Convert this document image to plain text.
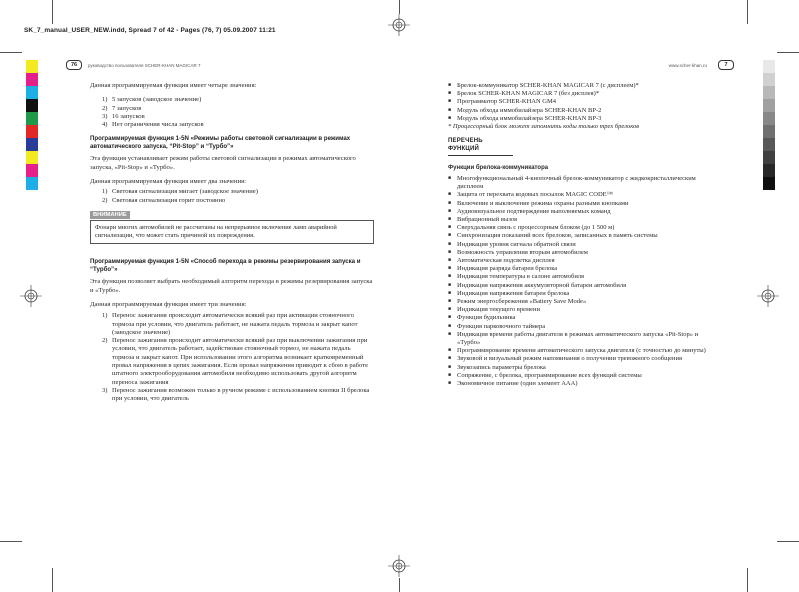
SK_7_manual_USER_NEW.indd, Spread 7 of 42 - Pages (76, 7) 05.09.2007 11:21
76	руководство пользователя SCHER-KHAN MAGICAR 7	www.scher-khan.ru	7

Данная программируемая функция имеет четыре значения:

1) 5 запусков (заводское значение)
2) 7 запусков
3) 16 запусков
4) Нет ограничения числа запусков

Программируемая функция 1-5N «Режимы работы световой сигнализации в режимах автоматического запуска, “Pit-Stop” и “Турбо”»

Эта функция устанавливает режим работы световой сигнализации в режимах автоматического запуска, «Pit-Stop» и «Турбо».

Данная программируемая функция имеет два значения:

1) Световая сигнализация мигает (заводское значение)
2) Световая сигнализация горит постоянно
ВНИМАНИЕ
Фонари многих автомобилей не рассчитаны на непрерывное включение ламп аварийной сигнализации, что может стать причиной их повреждения.

Программируемая функция 1-5N «Способ перехода в режимы резервирования запуска и “Турбо”»

Эта функция позволяет выбрать необходимый алгоритм перехода в режимы резервирования запуска и «Турбо».

Данная программируемая функция имеет три значения:

1) Перенос зажигания происходит автоматически всякий раз при активации стояночного тормоза при условии, что двигатель работает, не нажата педаль тормоза и закрыт капот (заводское значение)
2) Перенос зажигания происходит автоматически всякий раз при выключении зажигания при условии, что двигатель работает, задействован стояночный тормоз, не нажата педаль тормоза и закрыт капот. При использовании этого алгоритма возникает кратковременный провал напряжения в цепях зажигания. Если провал напряжения приводит к сбою в работе штатного электрооборудования автомобиля необходимо использовать другой алгоритм переноса зажигания
3) Перенос зажигания возможен только в ручном режиме с использованием кнопки II брелока при условии, что двигатель
■ Брелок-коммуникатор SCHER-KHAN MAGICAR 7 (с дисплеем)*
■ Брелок SCHER-KHAN MAGICAR 7 (без дисплея)*
■ Программатор SCHER-KHAN GM4
■ Модуль обхода иммобилайзера SCHER-KHAN BP-2
■ Модуль обхода иммобилайзера SCHER-KHAN BP-3

* Процессорный блок может запомнить коды только трех брелоков

ПЕРЕЧЕНЬ ФУНКЦИЙ
Функции брелока-коммуникатора
■ Многофункциональный 4-кнопочный брелок-коммуникатор с жидкокристаллическим дисплеем
■ Защита от перехвата кодовых посылок MAGIC CODE™
■ Включение и выключение режима охраны разными кнопками
■ Аудиовизуальное подтверждение выполняемых команд
■ Вибрационный вызов
■ Сверхдальняя связь с процессорным блоком (до 1 500 м)
■ Синхронизация показаний всех брелоков, записанных в память системы
■ Индикация уровня сигнала обратной связи
■ Возможность управления вторым автомобилем
■ Автоматическая подсветка дисплея
■ Индикация разряда батареи брелока
■ Индикация температуры в салоне автомобиля
■ Индикация напряжения аккумуляторной батареи автомобиля
■ Индикация напряжения батареи брелока
■ Режим энергосбережения «Battery Save Mode»
■ Индикация текущего времени
■ Функция будильника
■ Функция парковочного таймера
■ Индикация времени работы двигателя в режимах автоматического запуска «Pit-Stop» и «Турбо»
■ Программирование времени автоматического запуска двигателя (с точностью до минуты)
■ Звуковой и визуальный режим напоминания о получении тревожного сообщения
■ Звукозапись параметры брелока
■ Сопряжение, с брелока, программирование всех функций системы
■ Экономичное питание (один элемент AAA)
